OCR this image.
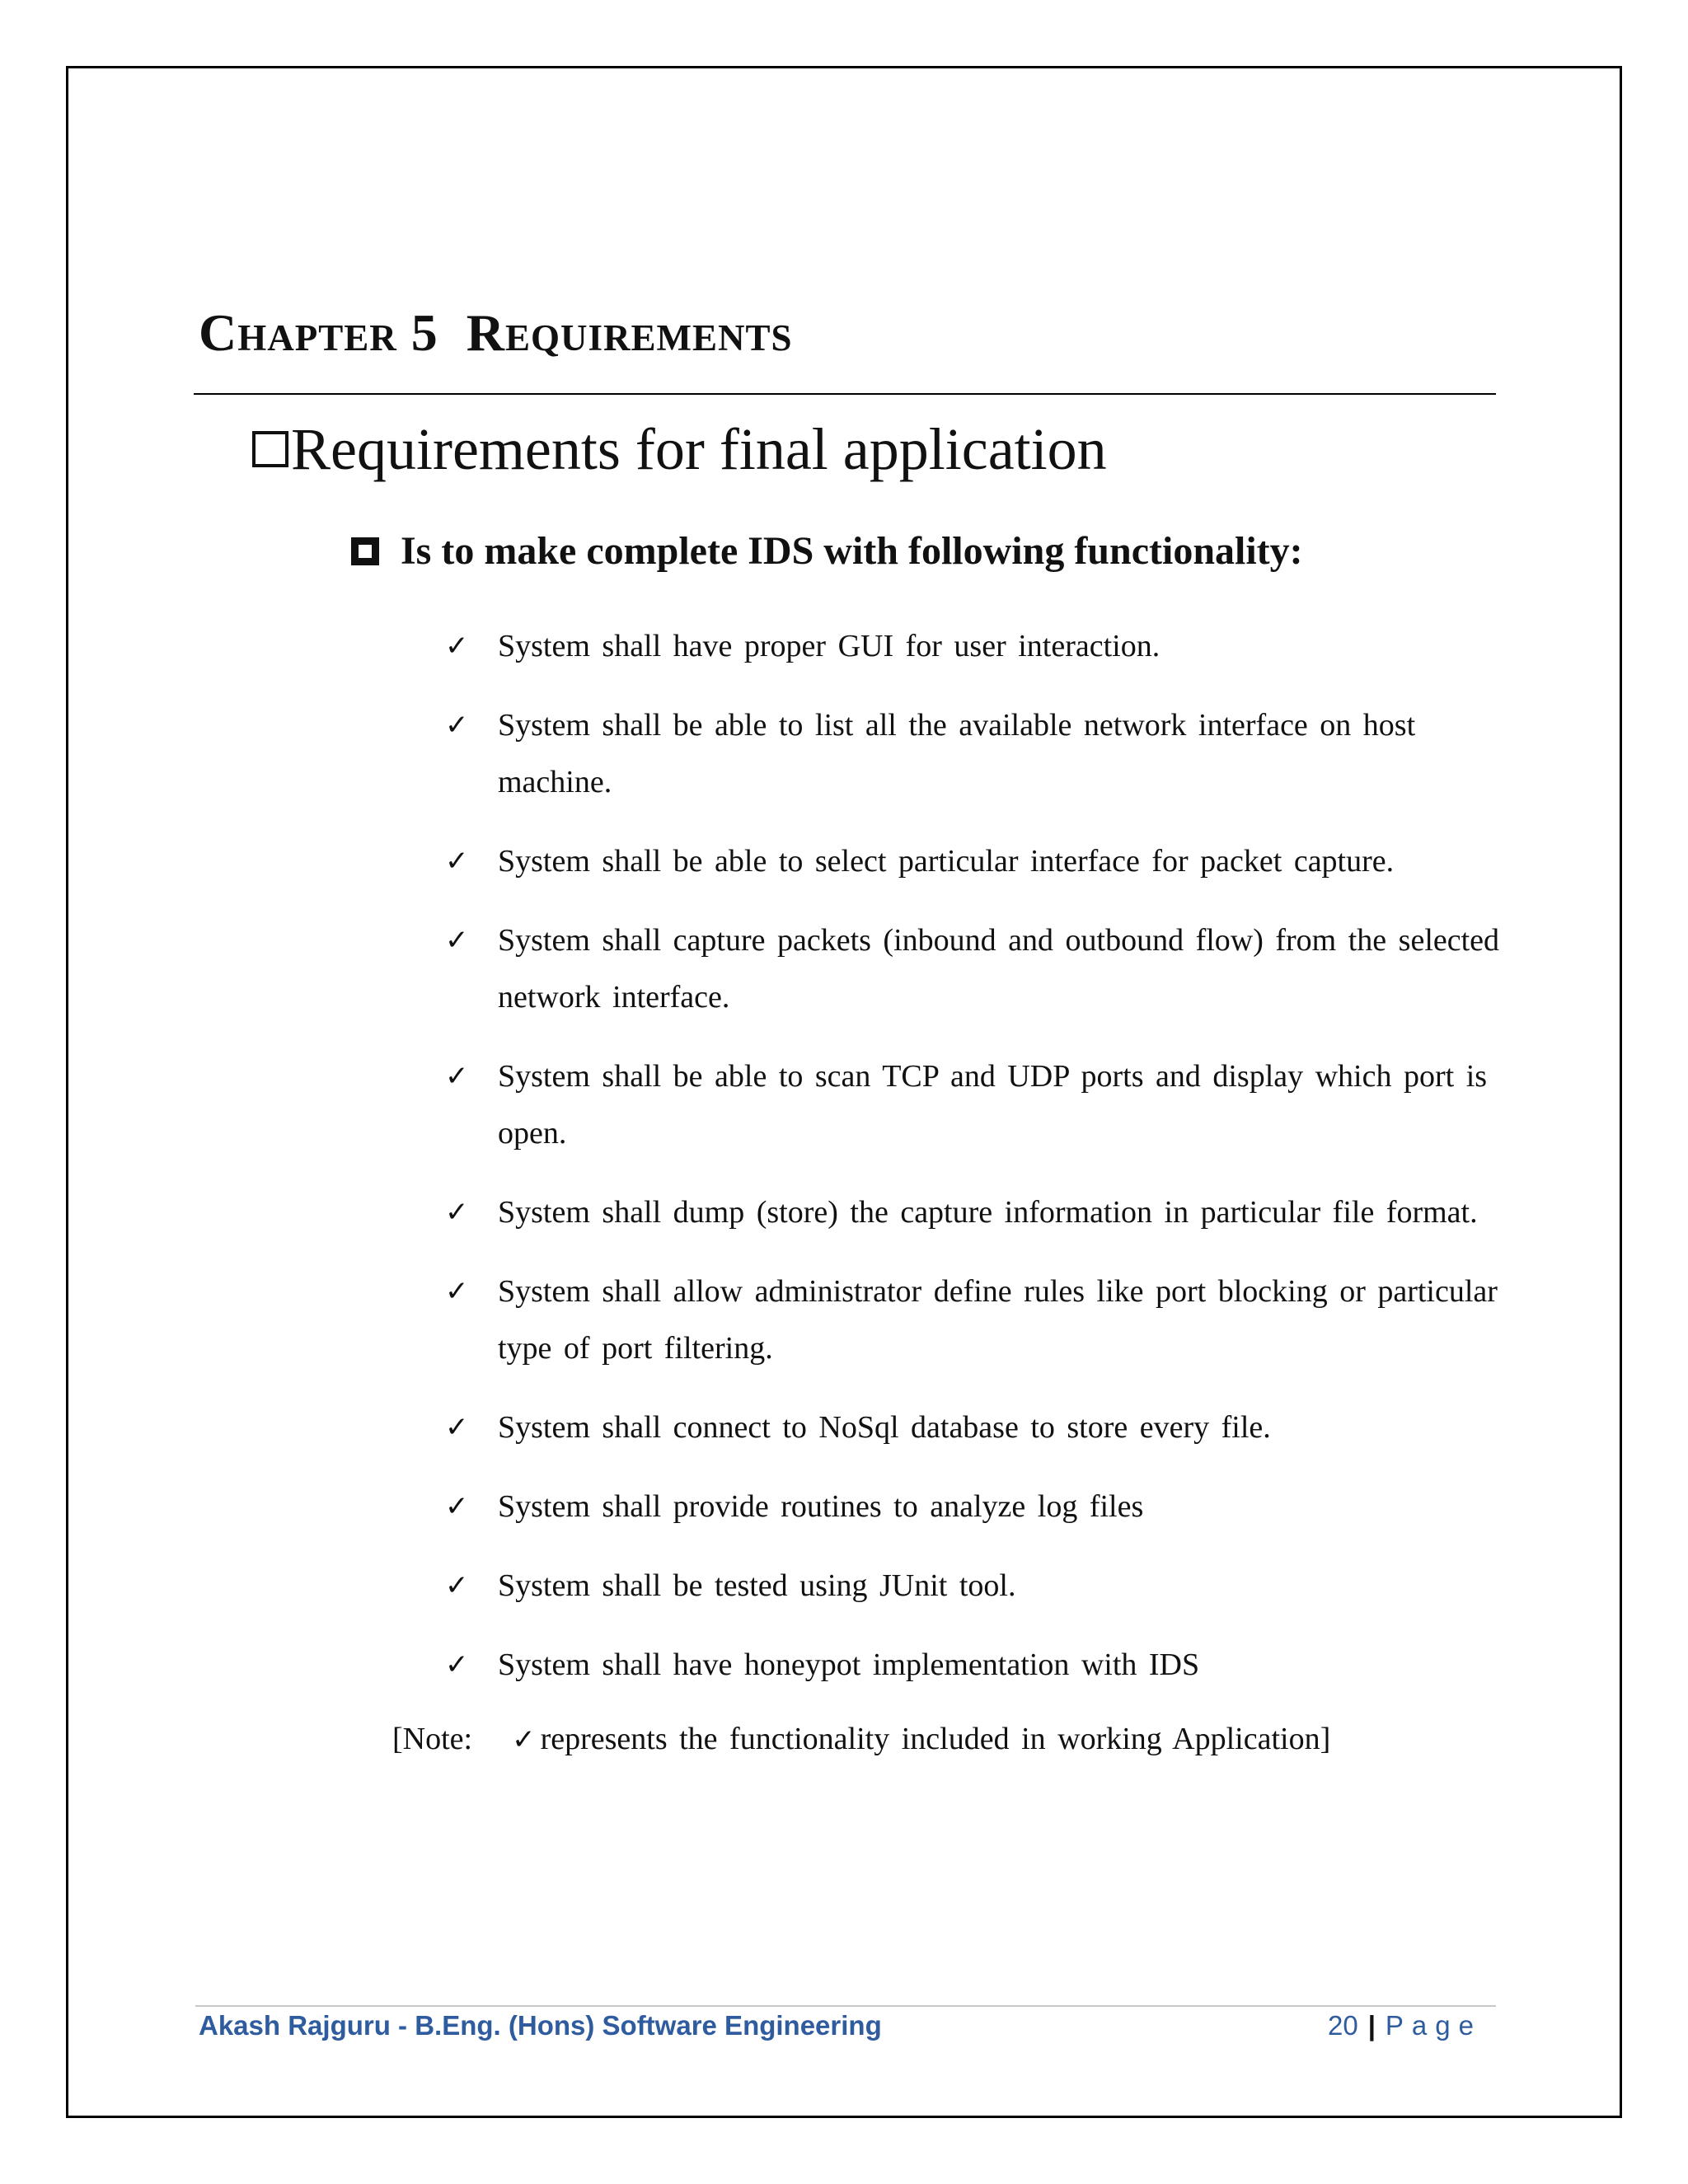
Chapter 5 Requirements
Requirements for final application
Is to make complete IDS with following functionality:
✓ System shall have proper GUI for user interaction.
✓ System shall be able to list all the available network interface on host machine.
✓ System shall be able to select particular interface for packet capture.
✓ System shall capture packets (inbound and outbound flow) from the selected network interface.
✓ System shall be able to scan TCP and UDP ports and display which port is open.
✓ System shall dump (store) the capture information in particular file format.
✓ System shall allow administrator define rules like port blocking or particular type of port filtering.
✓ System shall connect to NoSql database to store every file.
✓ System shall provide routines to analyze log files
✓ System shall be tested using JUnit tool.
✓ System shall have honeypot implementation with IDS

[Note: ✓ represents the functionality included in working Application]

Akash Rajguru - B.Eng. (Hons) Software Engineering	20 | Page
